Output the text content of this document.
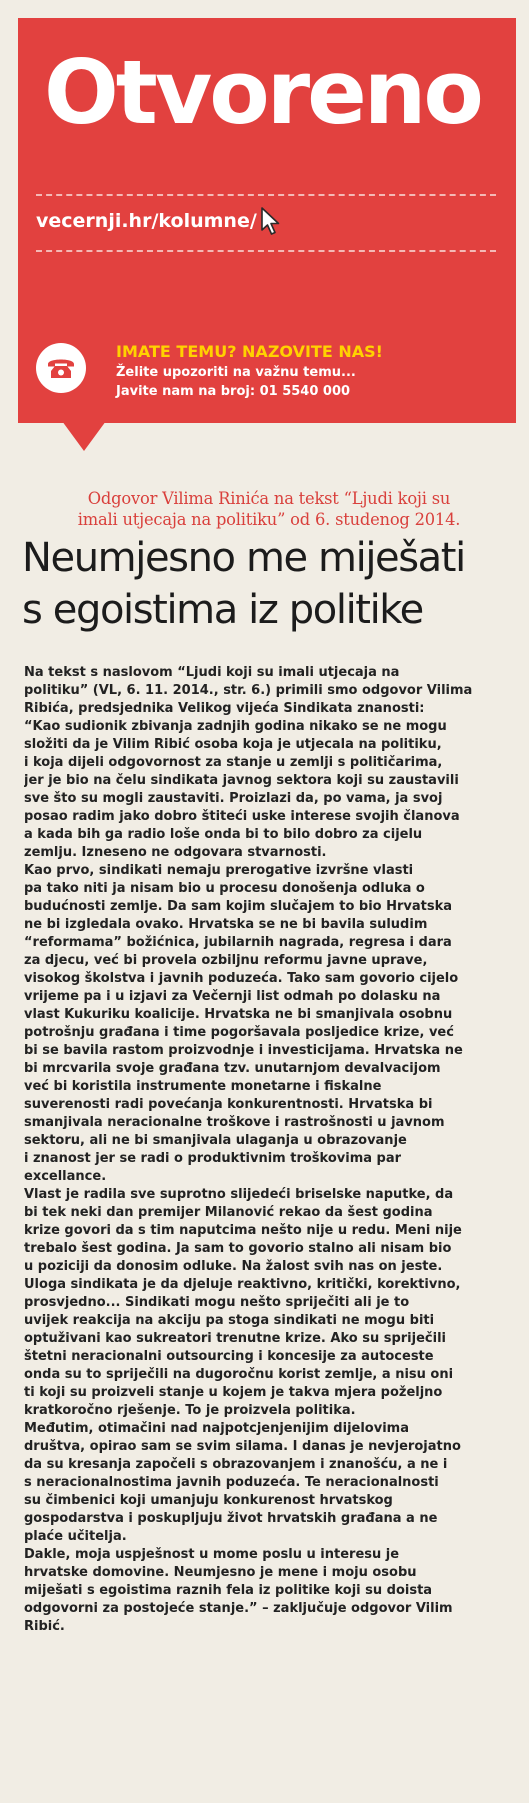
Otvoreno
vecernji.hr/kolumne/
IMATE TEMU? NAZOVITE NAS!
Želite upozoriti na važnu temu...
Javite nam na broj: 01 5540 000
Odgovor Vilima Rinića na tekst “Ljudi koji su
imali utjecaja na politiku” od 6. studenog 2014.
Neumjesno me miješati
s egoistima iz politike
Na tekst s naslovom “Ljudi koji su imali utjecaja na
politiku” (VL, 6. 11. 2014., str. 6.) primili smo odgovor Vilima
Ribića, predsjednika Velikog vijeća Sindikata znanosti:
“Kao sudionik zbivanja zadnjih godina nikako se ne mogu
složiti da je Vilim Ribić osoba koja je utjecala na politiku,
i koja dijeli odgovornost za stanje u zemlji s političarima,
jer je bio na čelu sindikata javnog sektora koji su zaustavili
sve što su mogli zaustaviti. Proizlazi da, po vama, ja svoj
posao radim jako dobro štiteći uske interese svojih članova
a kada bih ga radio loše onda bi to bilo dobro za cijelu
zemlju. Izneseno ne odgovara stvarnosti.
Kao prvo, sindikati nemaju prerogative izvršne vlasti
pa tako niti ja nisam bio u procesu donošenja odluka o
budućnosti zemlje. Da sam kojim slučajem to bio Hrvatska
ne bi izgledala ovako. Hrvatska se ne bi bavila suludim
“reformama” božićnica, jubilarnih nagrada, regresa i dara
za djecu, već bi provela ozbiljnu reformu javne uprave,
visokog školstva i javnih poduzeća. Tako sam govorio cijelo
vrijeme pa i u izjavi za Večernji list odmah po dolasku na
vlast Kukuriku koalicije. Hrvatska ne bi smanjivala osobnu
potrošnju građana i time pogoršavala posljedice krize, već
bi se bavila rastom proizvodnje i investicijama. Hrvatska ne
bi mrcvarila svoje građana tzv. unutarnjom devalvacijom
već bi koristila instrumente monetarne i fiskalne
suverenosti radi povećanja konkurentnosti. Hrvatska bi
smanjivala neracionalne troškove i rastrošnosti u javnom
sektoru, ali ne bi smanjivala ulaganja u obrazovanje
i znanost jer se radi o produktivnim troškovima par
excellance.
Vlast je radila sve suprotno slijedeći briselske naputke, da
bi tek neki dan premijer Milanović rekao da šest godina
krize govori da s tim naputcima nešto nije u redu. Meni nije
trebalo šest godina. Ja sam to govorio stalno ali nisam bio
u poziciji da donosim odluke. Na žalost svih nas on jeste.
Uloga sindikata je da djeluje reaktivno, kritički, korektivno,
prosvjedno... Sindikati mogu nešto spriječiti ali je to
uvijek reakcija na akciju pa stoga sindikati ne mogu biti
optuživani kao sukreatori trenutne krize. Ako su spriječili
štetni neracionalni outsourcing i koncesije za autoceste
onda su to spriječili na dugoročnu korist zemlje, a nisu oni
ti koji su proizveli stanje u kojem je takva mjera poželjno
kratkoročno rješenje. To je proizvela politika.
Međutim, otimačini nad najpotcjenjenijim dijelovima
društva, opirao sam se svim silama. I danas je nevjerojatno
da su kresanja započeli s obrazovanjem i znanošću, a ne i
s neracionalnostima javnih poduzeća. Te neracionalnosti
su čimbenici koji umanjuju konkurenost hrvatskog
gospodarstva i poskupljuju život hrvatskih građana a ne
plaće učitelja.
Dakle, moja uspješnost u momе poslu u interesu je
hrvatske domovine. Neumjesno je mene i moju osobu
miješati s egoistima raznih fela iz politike koji su doista
odgovorni za postojeće stanje.” – zaključuje odgovor Vilim
Ribić.
